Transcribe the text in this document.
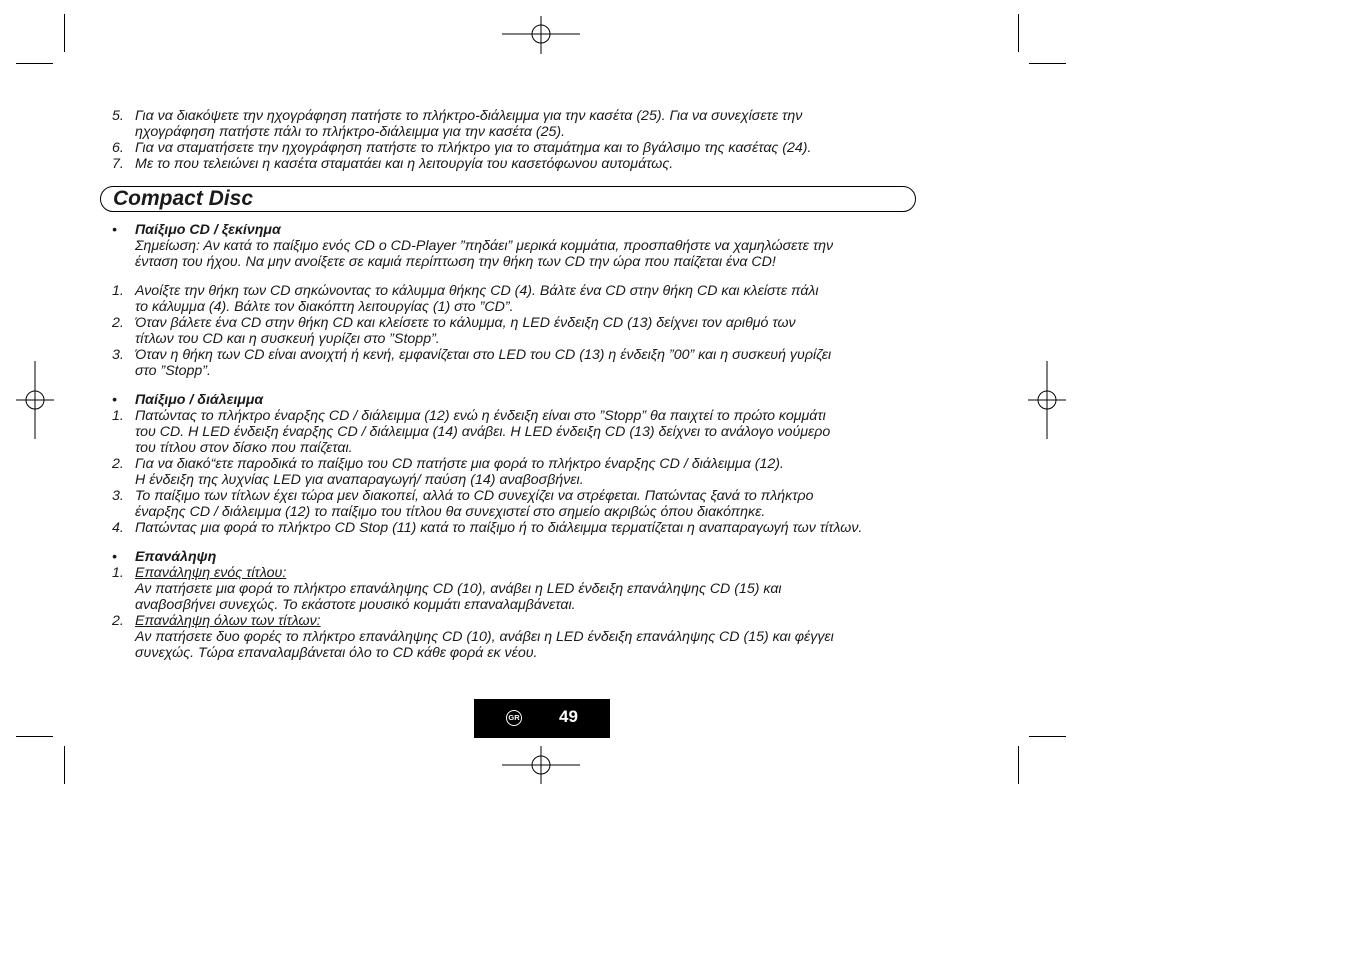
5. Για να διακόψετε την ηχογράφηση πατήστε το πλήκτρο-διάλειμμα για την κασέτα (25). Για να συνεχίσετε την
ηχογράφηση πατήστε πάλι το πλήκτρο-διάλειμμα για την κασέτα (25).
6. Για να σταματήσετε την ηχογράφηση πατήστε το πλήκτρο για το σταμάτημα και το βγάλσιμο της κασέτας (24).
7. Με το που τελειώνει η κασέτα σταματάει και η λειτουργία του κασετόφωνου αυτομάτως.
Compact Disc
• Παίξιμο CD / ξεκίνημα
Σημείωση: Αν κατά το παίξιμο ενός CD ο CD-Player ”πηδάει” μερικά κομμάτια, προσπαθήστε να χαμηλώσετε την
ένταση του ήχου. Να μην ανοίξετε σε καμιά περίπτωση την θήκη των CD την ώρα που παίζεται ένα CD!
1. Ανοίξτε την θήκη των CD σηκώνοντας το κάλυμμα θήκης CD (4). Βάλτε ένα CD στην θήκη CD και κλείστε πάλι
το κάλυμμα (4). Βάλτε τον διακόπτη λειτουργίας (1) στο ”CD”.
2. Όταν βάλετε ένα CD στην θήκη CD και κλείσετε το κάλυμμα, η LED ένδειξη CD (13) δείχνει τον αριθμό των
τίτλων του CD και η συσκευή γυρίζει στο ”Stopp”.
3. Όταν η θήκη των CD είναι ανοιχτή ή κενή, εμφανίζεται στο LED του CD (13) η ένδειξη ”00” και η συσκευή γυρίζει
στο ”Stopp”.
• Παίξιμο / διάλειμμα
1. Πατώντας το πλήκτρο έναρξης CD / διάλειμμα (12) ενώ η ένδειξη είναι στο ”Stopp” θα παιχτεί το πρώτο κομμάτι
του CD. Η LED ένδειξη έναρξης CD / διάλειμμα (14) ανάβει. Η LED ένδειξη CD (13) δείχνει το ανάλογο νούμερο
του τίτλου στον δίσκο που παίζεται.
2. Για να διακό“ετε παροδικά το παίξιμο του CD πατήστε μια φορά το πλήκτρο έναρξης CD / διάλειμμα (12).
Η ένδειξη της λυχνίας LED για αναπαραγωγή/ παύση (14) αναβοσβήνει.
3. Το παίξιμο των τίτλων έχει τώρα μεν διακοπεί, αλλά το CD συνεχίζει να στρέφεται. Πατώντας ξανά το πλήκτρο
έναρξης CD / διάλειμμα (12) το παίξιμο του τίτλου θα συνεχιστεί στο σημείο ακριβώς όπου διακόπηκε.
4. Πατώντας μια φορά το πλήκτρο CD Stop (11) κατά το παίξιμο ή το διάλειμμα τερματίζεται η αναπαραγωγή των τίτλων.
• Επανάληψη
1. Επανάληψη ενός τίτλου:
Αν πατήσετε μια φορά το πλήκτρο επανάληψης CD (10), ανάβει η LED ένδειξη επανάληψης CD (15) και
αναβοσβήνει συνεχώς. Το εκάστοτε μουσικό κομμάτι επαναλαμβάνεται.
2. Επανάληψη όλων των τίτλων:
Αν πατήσετε δυο φορές το πλήκτρο επανάληψης CD (10), ανάβει η LED ένδειξη επανάληψης CD (15) και φέγγει
συνεχώς. Τώρα επαναλαμβάνεται όλο το CD κάθε φορά εκ νέου.
GR 49
